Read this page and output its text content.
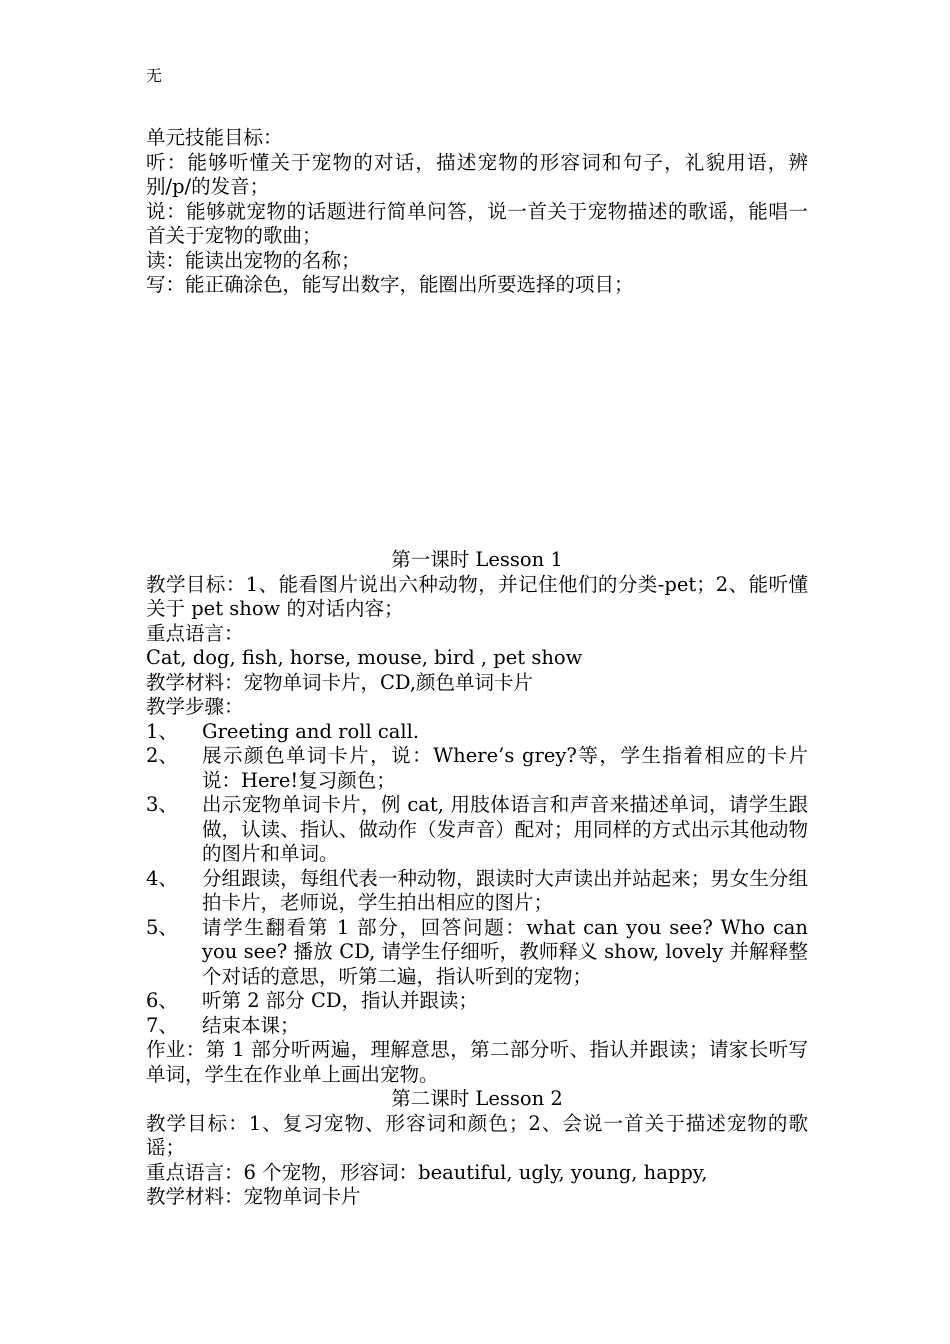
无
单元技能目标：
听：能够听懂关于宠物的对话，描述宠物的形容词和句子，礼貌用语，辨别/p/的发音；
说：能够就宠物的话题进行简单问答，说一首关于宠物描述的歌谣，能唱一首关于宠物的歌曲；
读：能读出宠物的名称；
写：能正确涂色，能写出数字，能圈出所要选择的项目；
第一课时 Lesson 1
教学目标：1、能看图片说出六种动物，并记住他们的分类-pet；2、能听懂关于 pet show 的对话内容；
重点语言：
Cat, dog, fish, horse, mouse, bird , pet show
教学材料：宠物单词卡片，CD,颜色单词卡片
教学步骤：
1、	Greeting and roll call.
2、	展示颜色单词卡片，说：Where’s grey?等，学生指着相应的卡片说：Here!复习颜色；
3、	出示宠物单词卡片，例 cat, 用肢体语言和声音来描述单词，请学生跟做，认读、指认、做动作（发声音）配对；用同样的方式出示其他动物的图片和单词。
4、	分组跟读，每组代表一种动物，跟读时大声读出并站起来；男女生分组拍卡片，老师说，学生拍出相应的图片；
5、	请学生翻看第 1 部分，回答问题：what can you see? Who can you see? 播放 CD, 请学生仔细听，教师释义 show, lovely 并解释整个对话的意思，听第二遍，指认听到的宠物；
6、	听第 2 部分 CD，指认并跟读；
7、	结束本课；
作业：第 1 部分听两遍，理解意思，第二部分听、指认并跟读；请家长听写单词，学生在作业单上画出宠物。
第二课时 Lesson 2
教学目标：1、复习宠物、形容词和颜色；2、会说一首关于描述宠物的歌谣；
重点语言：6 个宠物，形容词：beautiful, ugly, young, happy,
教学材料：宠物单词卡片
